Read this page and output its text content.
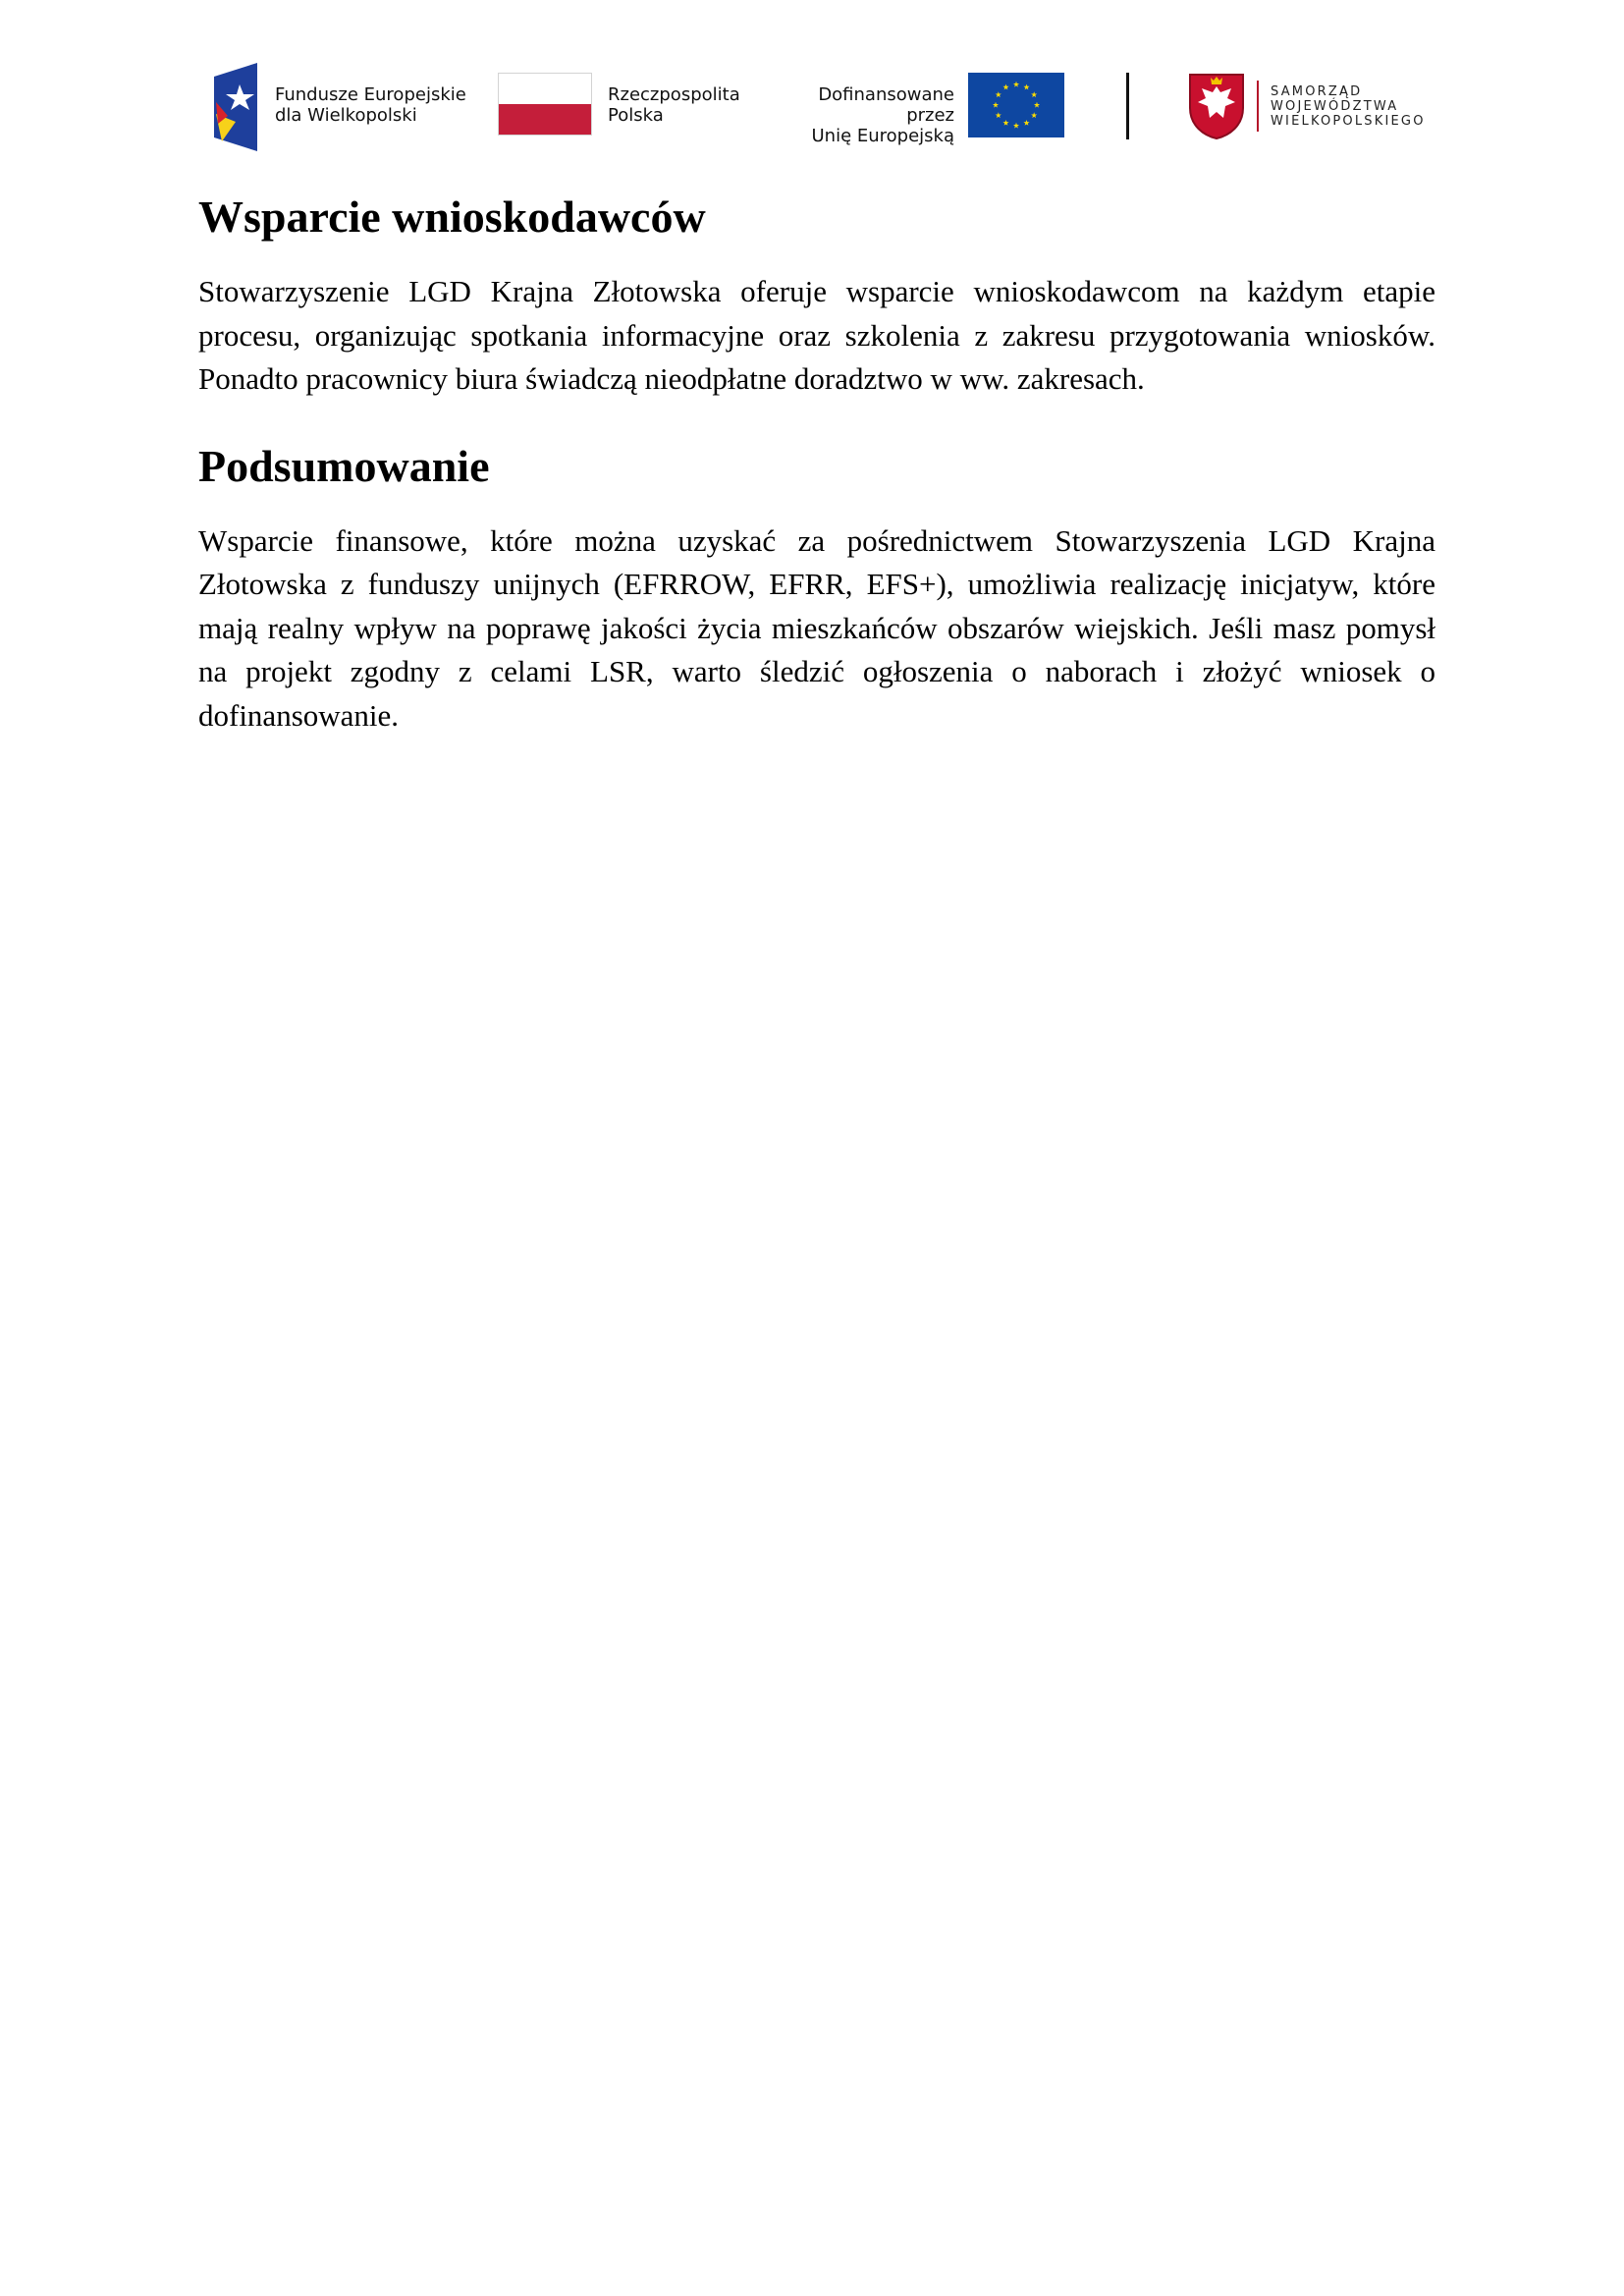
Fundusze Europejskie
dla Wielkopolski
Rzeczpospolita
Polska
Dofinansowane przez
Unię Europejską
SAMORZĄD
WOJEWÓDZTWA
WIELKOPOLSKIEGO
Wsparcie wnioskodawców

Stowarzyszenie LGD Krajna Złotowska oferuje wsparcie wnioskodawcom na każdym etapie procesu, organizując spotkania informacyjne oraz szkolenia z zakresu przygotowania wniosków. Ponadto pracownicy biura świadczą nieodpłatne doradztwo w ww. zakresach.

Podsumowanie

Wsparcie finansowe, które można uzyskać za pośrednictwem Stowarzyszenia LGD Krajna Złotowska z funduszy unijnych (EFRROW, EFRR, EFS+), umożliwia realizację inicjatyw, które mają realny wpływ na poprawę jakości życia mieszkańców obszarów wiejskich. Jeśli masz pomysł na projekt zgodny z celami LSR, warto śledzić ogłoszenia o naborach i złożyć wniosek o dofinansowanie.
